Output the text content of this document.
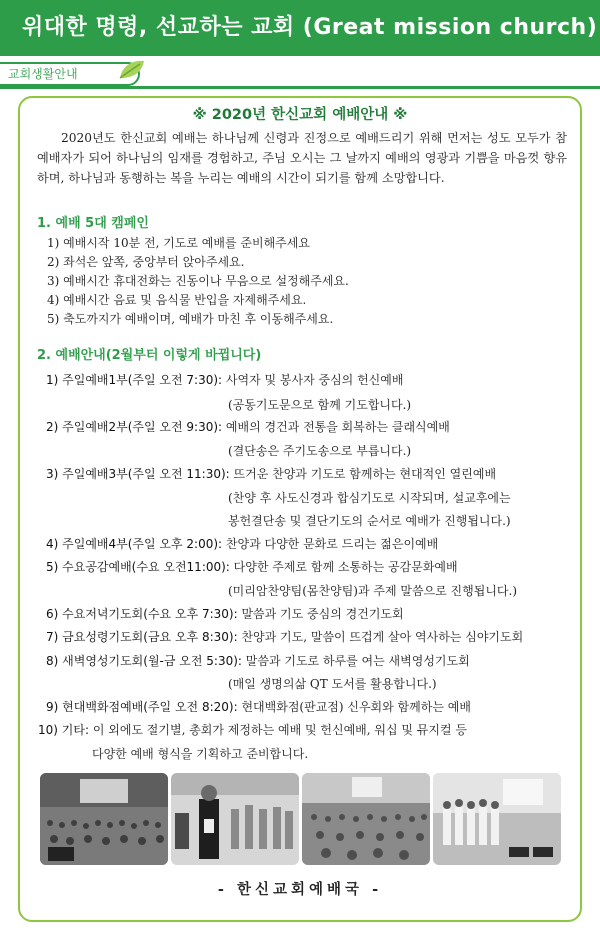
위대한 명령, 선교하는 교회 (Great mission church)
교회생활안내
※ 2020년 한신교회 예배안내 ※

2020년도 한신교회 예배는 하나님께 신령과 진정으로 예배드리기 위해 먼저는 성도 모두가 참 예배자가 되어 하나님의 임재를 경험하고, 주님 오시는 그 날까지 예배의 영광과 기쁨을 마음껏 향유하며, 하나님과 동행하는 복을 누리는 예배의 시간이 되기를 함께 소망합니다.

1. 예배 5대 캠페인
1) 예배시작 10분 전, 기도로 예배를 준비해주세요
2) 좌석은 앞쪽, 중앙부터 앉아주세요.
3) 예배시간 휴대전화는 진동이나 무음으로 설정해주세요.
4) 예배시간 음료 및 음식물 반입을 자제해주세요.
5) 축도까지가 예배이며, 예배가 마친 후 이동해주세요.
2. 예배안내(2월부터 이렇게 바뀝니다)
1) 주일예배1부(주일 오전 7:30): 사역자 및 봉사자 중심의 헌신예배
(공동기도문으로 함께 기도합니다.)
2) 주일예배2부(주일 오전 9:30): 예배의 경건과 전통을 회복하는 클래식예배
(결단송은 주기도송으로 부릅니다.)
3) 주일예배3부(주일 오전 11:30): 뜨거운 찬양과 기도로 함께하는 현대적인 열린예배
(찬양 후 사도신경과 합심기도로 시작되며, 설교후에는
봉헌결단송 및 결단기도의 순서로 예배가 진행됩니다.)
4) 주일예배4부(주일 오후 2:00): 찬양과 다양한 문화로 드리는 젊은이예배
5) 수요공감예배(수요 오전11:00): 다양한 주제로 함께 소통하는 공감문화예배
(미리암찬양팀(몸찬양팀)과 주제 말씀으로 진행됩니다.)
6) 수요저녁기도회(수요 오후 7:30): 말씀과 기도 중심의 경건기도회
7) 금요성령기도회(금요 오후 8:30): 찬양과 기도, 말씀이 뜨겁게 살아 역사하는 심야기도회
8) 새벽영성기도회(월-금 오전 5:30): 말씀과 기도로 하루를 여는 새벽영성기도회
(매일 생명의삶 QT 도서를 활용합니다.)
9) 현대백화점예배(주일 오전 8:20): 현대백화점(판교점) 신우회와 함께하는 예배
10) 기타: 이 외에도 절기별, 총회가 제정하는 예배 및 헌신예배, 워십 및 뮤지컬 등
다양한 예배 형식을 기획하고 준비합니다.
- 한신교회예배국 -
